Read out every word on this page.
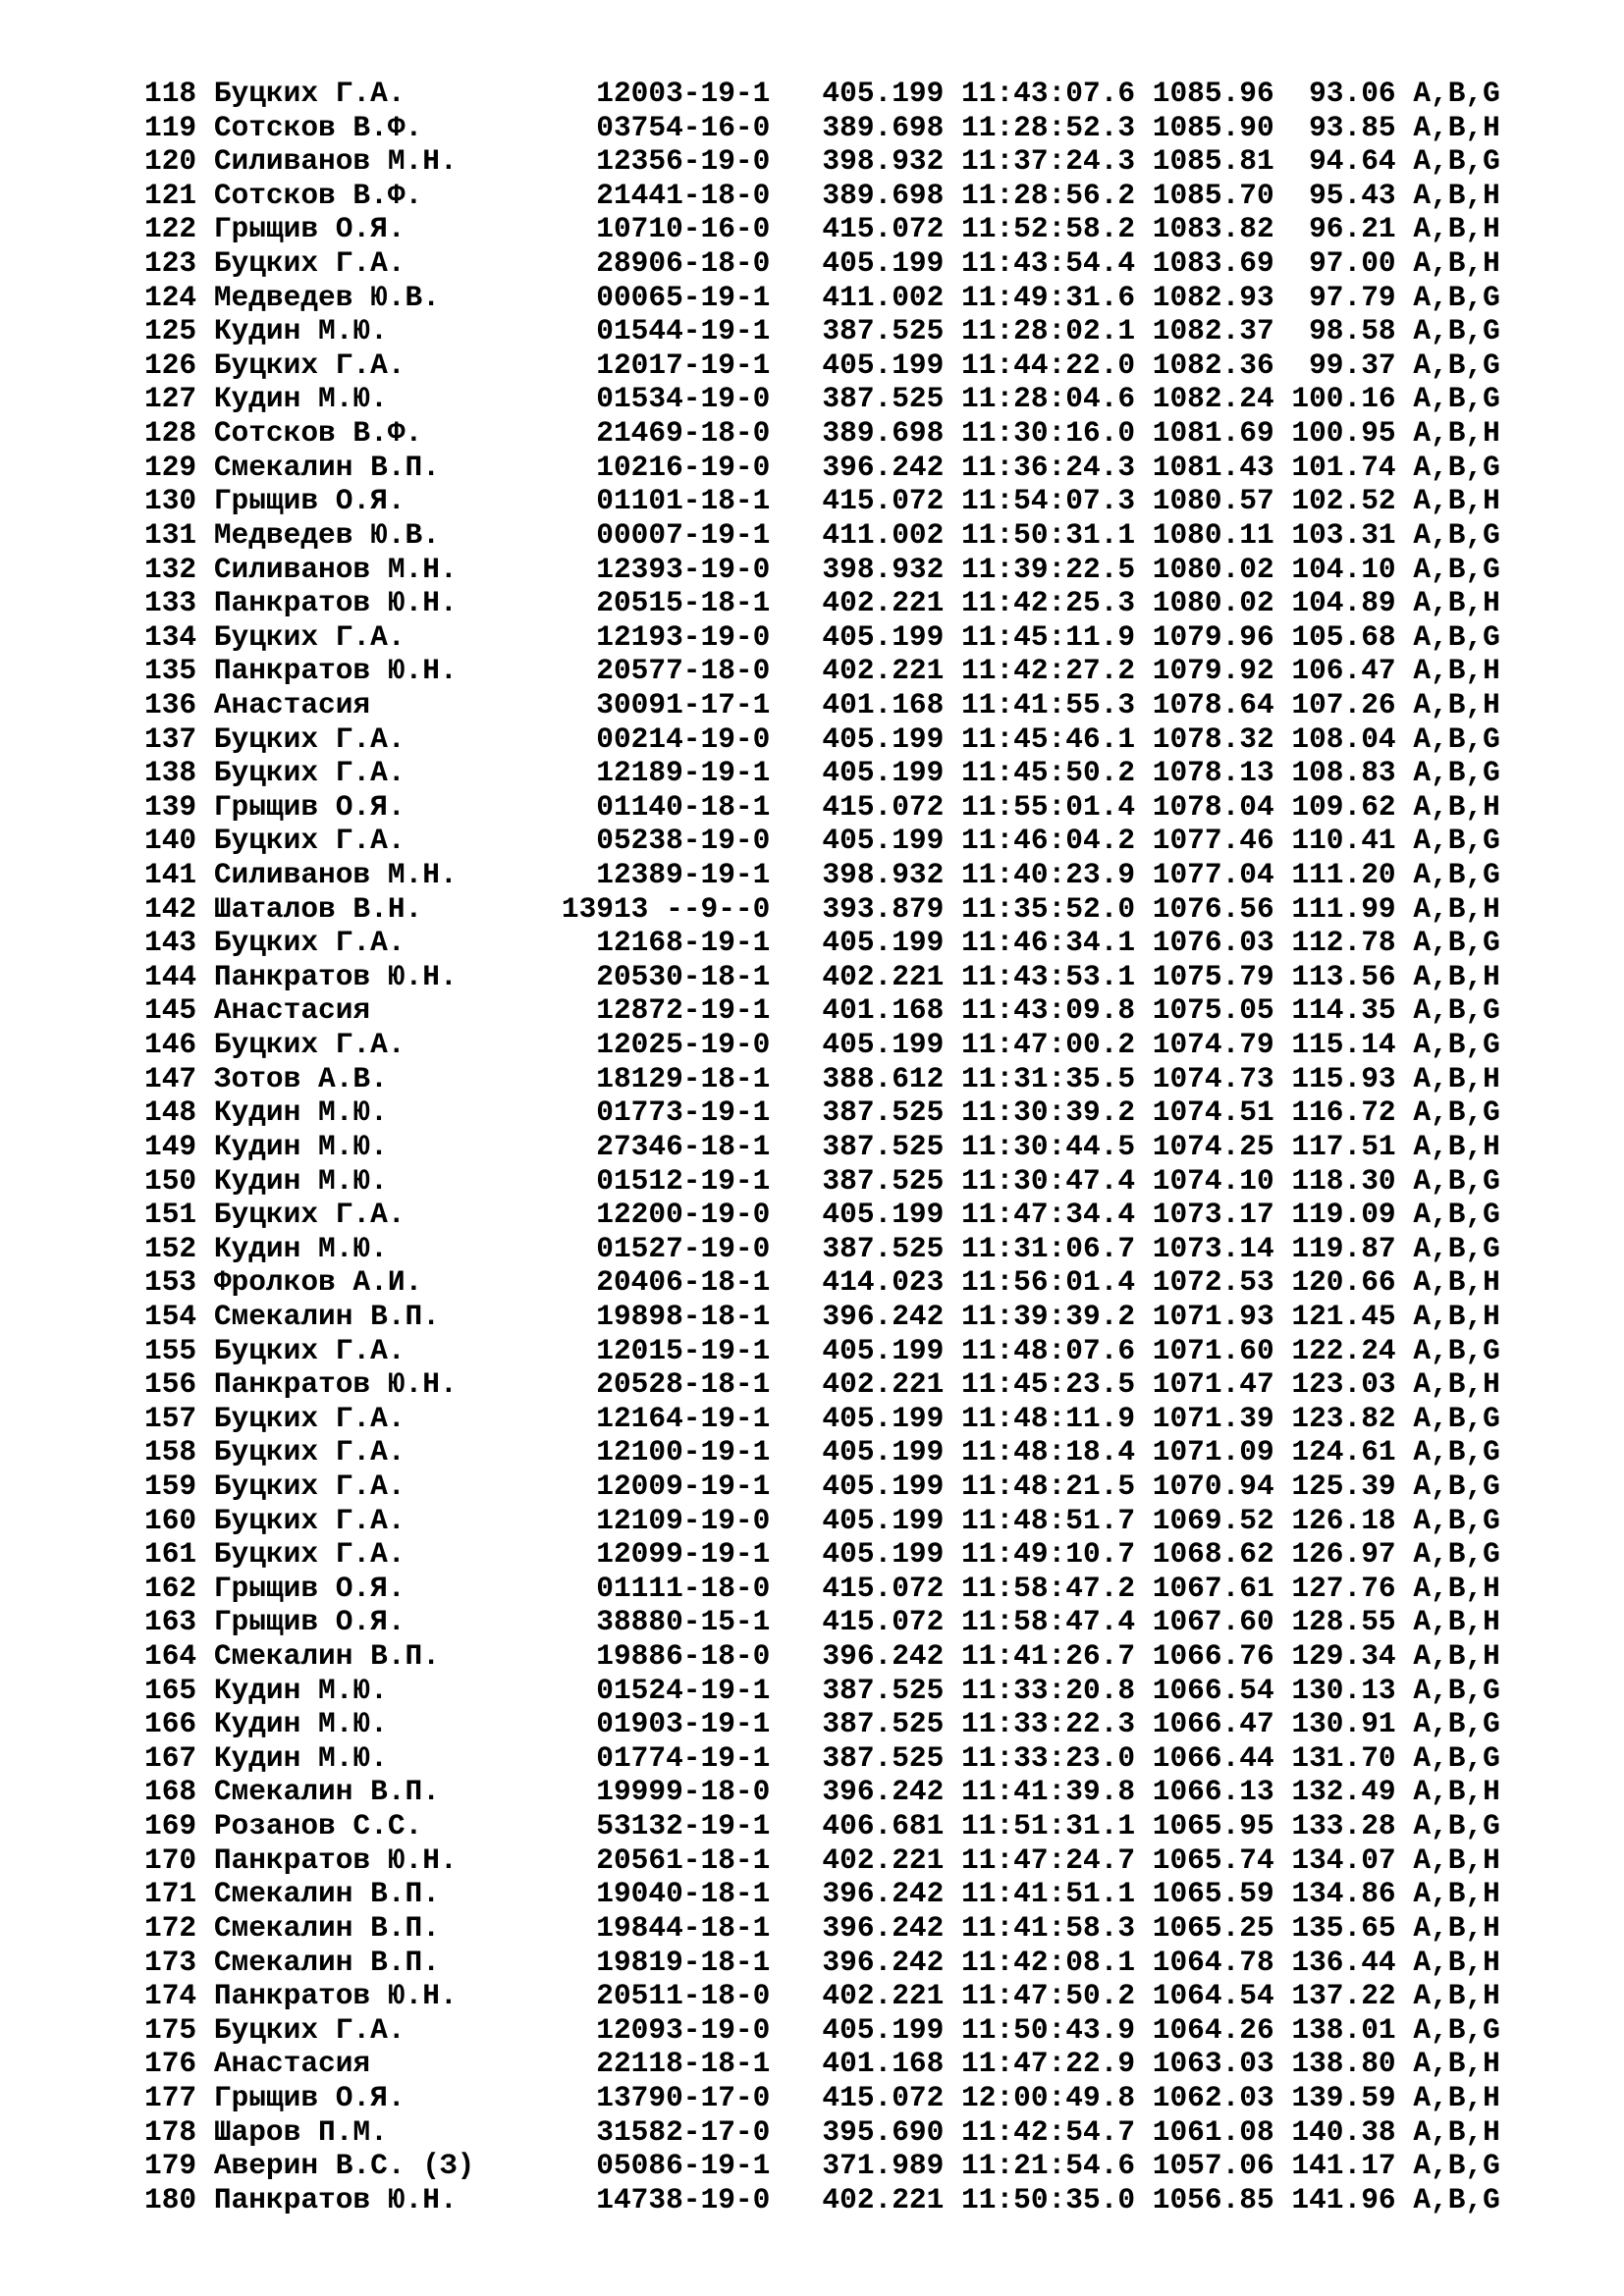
118 Буцких Г.А.	12003-19-1 405.199 11:43:07.6 1085.96 93.06 A,B,G
119 Сотсков В.Ф.	03754-16-0 389.698 11:28:52.3 1085.90 93.85 A,B,H
120 Силиванов М.Н.	12356-19-0 398.932 11:37:24.3 1085.81 94.64 A,B,G
121 Сотсков В.Ф.	21441-18-0 389.698 11:28:56.2 1085.70 95.43 A,B,H
122 Грыщив О.Я.	10710-16-0 415.072 11:52:58.2 1083.82 96.21 A,B,H
123 Буцких Г.А.	28906-18-0 405.199 11:43:54.4 1083.69 97.00 A,B,H
124 Медведев Ю.В.	00065-19-1 411.002 11:49:31.6 1082.93 97.79 A,B,G
125 Кудин М.Ю.	01544-19-1 387.525 11:28:02.1 1082.37 98.58 A,B,G
126 Буцких Г.А.	12017-19-1 405.199 11:44:22.0 1082.36 99.37 A,B,G
127 Кудин М.Ю.	01534-19-0 387.525 11:28:04.6 1082.24 100.16 A,B,G
128 Сотсков В.Ф.	21469-18-0 389.698 11:30:16.0 1081.69 100.95 A,B,H
129 Смекалин В.П.	10216-19-0 396.242 11:36:24.3 1081.43 101.74 A,B,G
130 Грыщив О.Я.	01101-18-1 415.072 11:54:07.3 1080.57 102.52 A,B,H
131 Медведев Ю.В.	00007-19-1 411.002 11:50:31.1 1080.11 103.31 A,B,G
132 Силиванов М.Н.	12393-19-0 398.932 11:39:22.5 1080.02 104.10 A,B,G
133 Панкратов Ю.Н.	20515-18-1 402.221 11:42:25.3 1080.02 104.89 A,B,H
134 Буцких Г.А.	12193-19-0 405.199 11:45:11.9 1079.96 105.68 A,B,G
135 Панкратов Ю.Н.	20577-18-0 402.221 11:42:27.2 1079.92 106.47 A,B,H
136 Анастасия	30091-17-1 401.168 11:41:55.3 1078.64 107.26 A,B,H
137 Буцких Г.А.	00214-19-0 405.199 11:45:46.1 1078.32 108.04 A,B,G
138 Буцких Г.А.	12189-19-1 405.199 11:45:50.2 1078.13 108.83 A,B,G
139 Грыщив О.Я.	01140-18-1 415.072 11:55:01.4 1078.04 109.62 A,B,H
140 Буцких Г.А.	05238-19-0 405.199 11:46:04.2 1077.46 110.41 A,B,G
141 Силиванов М.Н.	12389-19-1 398.932 11:40:23.9 1077.04 111.20 A,B,G
142 Шаталов В.Н.	13913 --9--0 393.879 11:35:52.0 1076.56 111.99 A,B,H
143 Буцких Г.А.	12168-19-1 405.199 11:46:34.1 1076.03 112.78 A,B,G
144 Панкратов Ю.Н.	20530-18-1 402.221 11:43:53.1 1075.79 113.56 A,B,H
145 Анастасия	12872-19-1 401.168 11:43:09.8 1075.05 114.35 A,B,G
146 Буцких Г.А.	12025-19-0 405.199 11:47:00.2 1074.79 115.14 A,B,G
147 Зотов А.В.	18129-18-1 388.612 11:31:35.5 1074.73 115.93 A,B,H
148 Кудин М.Ю.	01773-19-1 387.525 11:30:39.2 1074.51 116.72 A,B,G
149 Кудин М.Ю.	27346-18-1 387.525 11:30:44.5 1074.25 117.51 A,B,H
150 Кудин М.Ю.	01512-19-1 387.525 11:30:47.4 1074.10 118.30 A,B,G
151 Буцких Г.А.	12200-19-0 405.199 11:47:34.4 1073.17 119.09 A,B,G
152 Кудин М.Ю.	01527-19-0 387.525 11:31:06.7 1073.14 119.87 A,B,G
153 Фролков А.И.	20406-18-1 414.023 11:56:01.4 1072.53 120.66 A,B,H
154 Смекалин В.П.	19898-18-1 396.242 11:39:39.2 1071.93 121.45 A,B,H
155 Буцких Г.А.	12015-19-1 405.199 11:48:07.6 1071.60 122.24 A,B,G
156 Панкратов Ю.Н.	20528-18-1 402.221 11:45:23.5 1071.47 123.03 A,B,H
157 Буцких Г.А.	12164-19-1 405.199 11:48:11.9 1071.39 123.82 A,B,G
158 Буцких Г.А.	12100-19-1 405.199 11:48:18.4 1071.09 124.61 A,B,G
159 Буцких Г.А.	12009-19-1 405.199 11:48:21.5 1070.94 125.39 A,B,G
160 Буцких Г.А.	12109-19-0 405.199 11:48:51.7 1069.52 126.18 A,B,G
161 Буцких Г.А.	12099-19-1 405.199 11:49:10.7 1068.62 126.97 A,B,G
162 Грыщив О.Я.	01111-18-0 415.072 11:58:47.2 1067.61 127.76 A,B,H
163 Грыщив О.Я.	38880-15-1 415.072 11:58:47.4 1067.60 128.55 A,B,H
164 Смекалин В.П.	19886-18-0 396.242 11:41:26.7 1066.76 129.34 A,B,H
165 Кудин М.Ю.	01524-19-1 387.525 11:33:20.8 1066.54 130.13 A,B,G
166 Кудин М.Ю.	01903-19-1 387.525 11:33:22.3 1066.47 130.91 A,B,G
167 Кудин М.Ю.	01774-19-1 387.525 11:33:23.0 1066.44 131.70 A,B,G
168 Смекалин В.П.	19999-18-0 396.242 11:41:39.8 1066.13 132.49 A,B,H
169 Розанов С.С.	53132-19-1 406.681 11:51:31.1 1065.95 133.28 A,B,G
170 Панкратов Ю.Н.	20561-18-1 402.221 11:47:24.7 1065.74 134.07 A,B,H
171 Смекалин В.П.	19040-18-1 396.242 11:41:51.1 1065.59 134.86 A,B,H
172 Смекалин В.П.	19844-18-1 396.242 11:41:58.3 1065.25 135.65 A,B,H
173 Смекалин В.П.	19819-18-1 396.242 11:42:08.1 1064.78 136.44 A,B,H
174 Панкратов Ю.Н.	20511-18-0 402.221 11:47:50.2 1064.54 137.22 A,B,H
175 Буцких Г.А.	12093-19-0 405.199 11:50:43.9 1064.26 138.01 A,B,G
176 Анастасия	22118-18-1 401.168 11:47:22.9 1063.03 138.80 A,B,H
177 Грыщив О.Я.	13790-17-0 415.072 12:00:49.8 1062.03 139.59 A,B,H
178 Шаров П.М.	31582-17-0 395.690 11:42:54.7 1061.08 140.38 A,B,H
179 Аверин В.С. (З)	05086-19-1 371.989 11:21:54.6 1057.06 141.17 A,B,G
180 Панкратов Ю.Н.	14738-19-0 402.221 11:50:35.0 1056.85 141.96 A,B,G
